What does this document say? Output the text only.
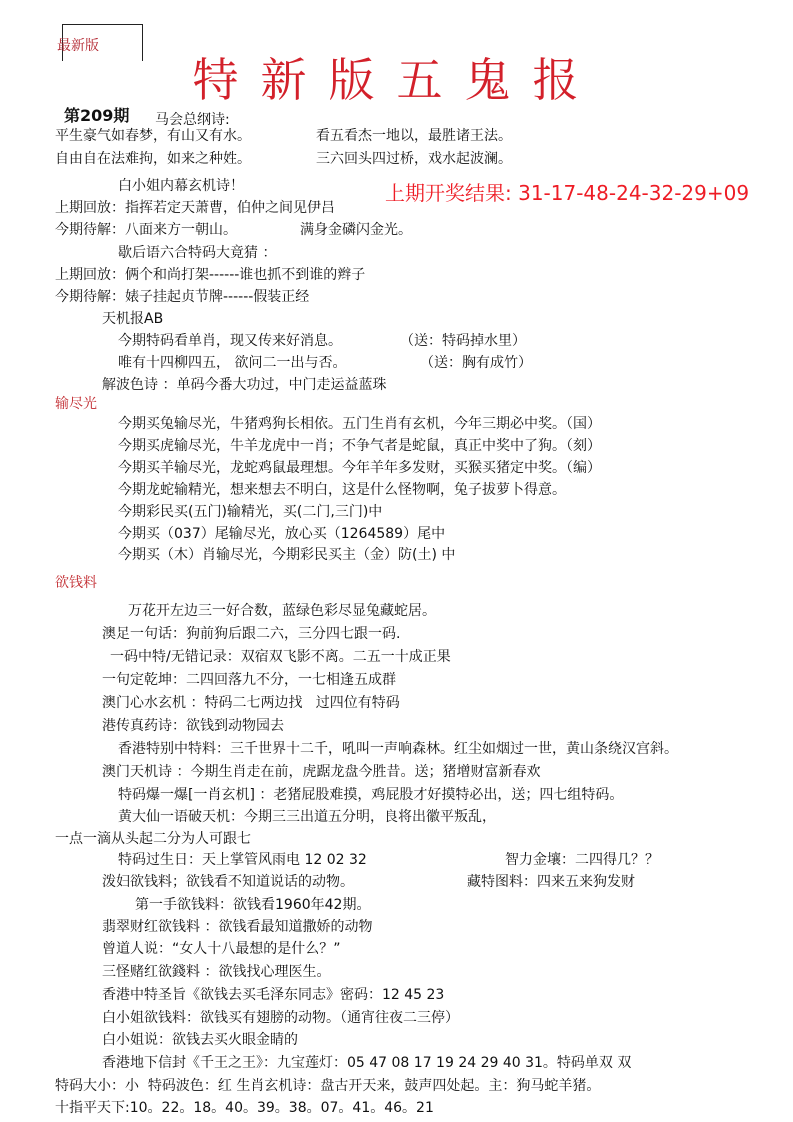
最新版
特新版五鬼报
第209期 马会总纲诗:
上期开奖结果: 31-17-48-24-32-29+09
平生豪气如春梦，有山又有水。	看五看杰一地以，最胜诸王法。
自由自在法难拘，如来之种姓。	三六回头四过桥，戏水起波澜。
白小姐内幕玄机诗！
上期回放：指挥若定天萧曹，伯仲之间见伊吕
今期待解：八面来方一朝山。	满身金磷闪金光。
歇后语六合特码大竟猜 ：
上期回放：俩个和尚打架------谁也抓不到谁的辫子
今期待解：婊子挂起贞节牌------假装正经
天机报AB
今期特码看单肖，现又传来好消息。	（送：特码掉水里）
唯有十四柳四五， 欲问二一出与否。	（送：胸有成竹）
解波色诗 ：单码今番大功过，中门走运益蓝珠
输尽光
今期买兔输尽光，牛猪鸡狗长相依。五门生肖有玄机，今年三期必中奖。（国）
今期买虎输尽光，牛羊龙虎中一肖；不争气者是蛇鼠，真正中奖中了狗。（刻）
今期买羊输尽光，龙蛇鸡鼠最理想。今年羊年多发财，买猴买猪定中奖。（编）
今期龙蛇输精光，想来想去不明白，这是什么怪物啊，兔子拔萝卜得意。
今期彩民买(五门)输精光，买(二门,三门)中
今期买（037）尾输尽光，放心买（1264589）尾中
今期买（木）肖输尽光，今期彩民买主（金）防(土) 中
欲钱料
万花开左边三一好合数，蓝绿色彩尽显兔藏蛇居。
澳足一句话：狗前狗后跟二六，三分四七跟一码.
一码中特/无错记录：双宿双飞影不离。二五一十成正果
一句定乾坤：二四回落九不分，一七相逢五成群
澳门心水玄机 ：特码二七两边找   过四位有特码
港传真药诗：欲钱到动物园去
香港特别中特料：三千世界十二千，吼叫一声响森林。红尘如烟过一世，黄山条绕汉宫斜。
澳门天机诗 ：今期生肖走在前，虎踞龙盘今胜昔。送；猪增财富新春欢
特码爆一爆[一肖玄机] ：老猪屁股难摸，鸡屁股才好摸特必出，送；四七组特码。
黄大仙一语破天机：今期三三出道五分明，良将出徽平叛乱，
一点一滴从头起二分为人可跟七
特码过生日：天上掌管风雨电 12 02 32	智力金壤：二四得几？？
泼妇欲钱料；欲钱看不知道说话的动物。	藏特图料：四来五来狗发财
第一手欲钱料：欲钱看1960年42期。
翡翠财红欲钱料 ：欲钱看最知道撒娇的动物
曾道人说：“女人十八最想的是什么？”
三怪赌红欲錢料 ：欲钱找心理医生。
香港中特圣旨《欲钱去买毛泽东同志》密码：12 45 23
白小姐欲钱料：欲钱买有翅膀的动物。（通宵往夜二三停）
白小姐说：欲钱去买火眼金睛的
香港地下信封《千王之王》：九宝莲灯：05 47 08 17 19 24 29 40 31。特码单双 双
特码大小：小  特码波色：红 生肖玄机诗：盘古开天来，鼓声四处起。主：狗马蛇羊猪。
十指平天下:10。22。18。40。39。38。07。41。46。21
